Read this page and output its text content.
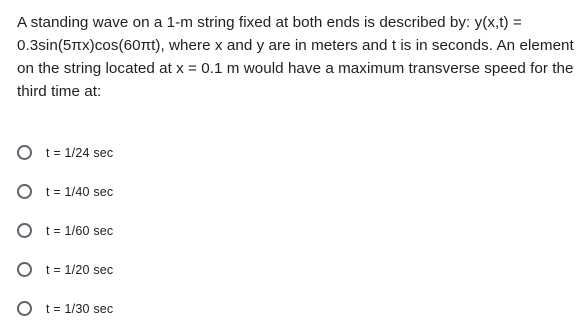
A standing wave on a 1-m string fixed at both ends is described by: y(x,t) = 0.3sin(5πx)cos(60πt), where x and y are in meters and t is in seconds. An element on the string located at x = 0.1 m would have a maximum transverse speed for the third time at:

t = 1/24 sec
t = 1/40 sec
t = 1/60 sec
t = 1/20 sec
t = 1/30 sec
